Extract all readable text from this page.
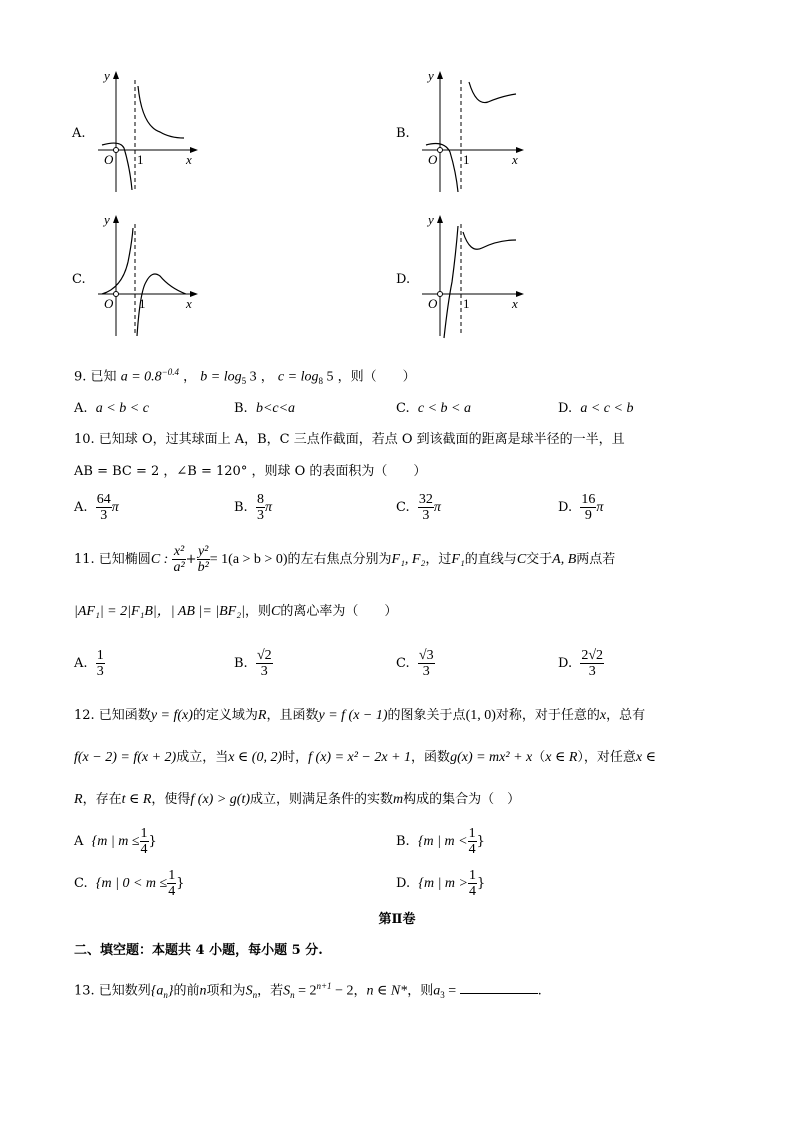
A.
y
O 1	x
B.
y
O 1	x
C.
y
O 1	x
D.
y
O 1	x
9. 已知 $a = 0.8^{-0.4}$ ， $b = \log_5 3$ ， $c = \log_8 5$ ，则（　　）
A. a < b < c	B. b<c<a	C. c < b < a	D. a < c < b
10. 已知球 O，过其球面上 A，B，C 三点作截面，若点 O 到该截面的距离是球半径的一半，且
AB = BC = 2 ，∠B = 120° ，则球 O 的表面积为（　　）
A. $\frac{64}{3}$ π	B. $\frac{8}{3}$ π	C. $\frac{32}{3}$ π	D. $\frac{16}{9}$ π
11. 已知椭圆C : $\frac{\text{x²}}{\text{a²}} + \frac{\text{y²}}{\text{b²}} = 1(a > b > 0)$的左右焦点分别为F₁, F₂，过F₁的直线与C交于A, B两点若
|AF₁| = 2|F₁B|，| AB |= |BF₂|，则C的离心率为（　　）
A. $\frac{1}{3}$	B. $\frac{√2}{3}$	C. $\frac{√3}{3}$	D. $\frac{2√2}{3}$
12. 已知函数y = f(x)的定义域为R，且函数y = f (x − 1)的图象关于点(1, 0)对称，对于任意的x，总有
f(x − 2) = f(x + 2)成立，当x ∈ (0, 2)时，f (x) = x² − 2x + 1，函数g(x) = mx² + x（x ∈ R），对任意x ∈
R，存在t ∈ R，使得f (x) > g(t)成立，则满足条件的实数m构成的集合为（　）
A {m | $m \le \frac{1}{4}$ }	B. {m | $m < \frac{1}{4}$ }
C. {m | $0 < m \le \frac{1}{4}$ }	D. {m | $m > \frac{1}{4}$ }
第Ⅱ卷
二、填空题：本题共 4 小题，每小题 5 分.
13. 已知数列$\{a_n\}$的前n项和为$S_n$，若$S_n = 2^{n+1} - 2$，n ∈ N*，则$a_3$ =	.
